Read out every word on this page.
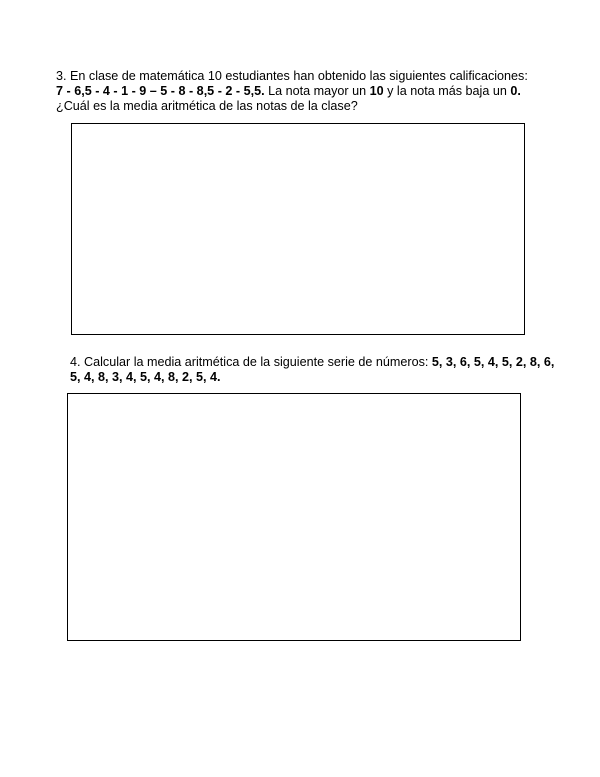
3. En clase de matemática 10 estudiantes han obtenido las siguientes calificaciones:
7 - 6,5 - 4 - 1 - 9 – 5 - 8 - 8,5 - 2 - 5,5. La nota mayor un 10 y la nota más baja un 0.
¿Cuál es la media aritmética de las notas de la clase?
4. Calcular la media aritmética de la siguiente serie de números: 5, 3, 6, 5, 4, 5, 2, 8, 6,
5, 4, 8, 3, 4, 5, 4, 8, 2, 5, 4.
